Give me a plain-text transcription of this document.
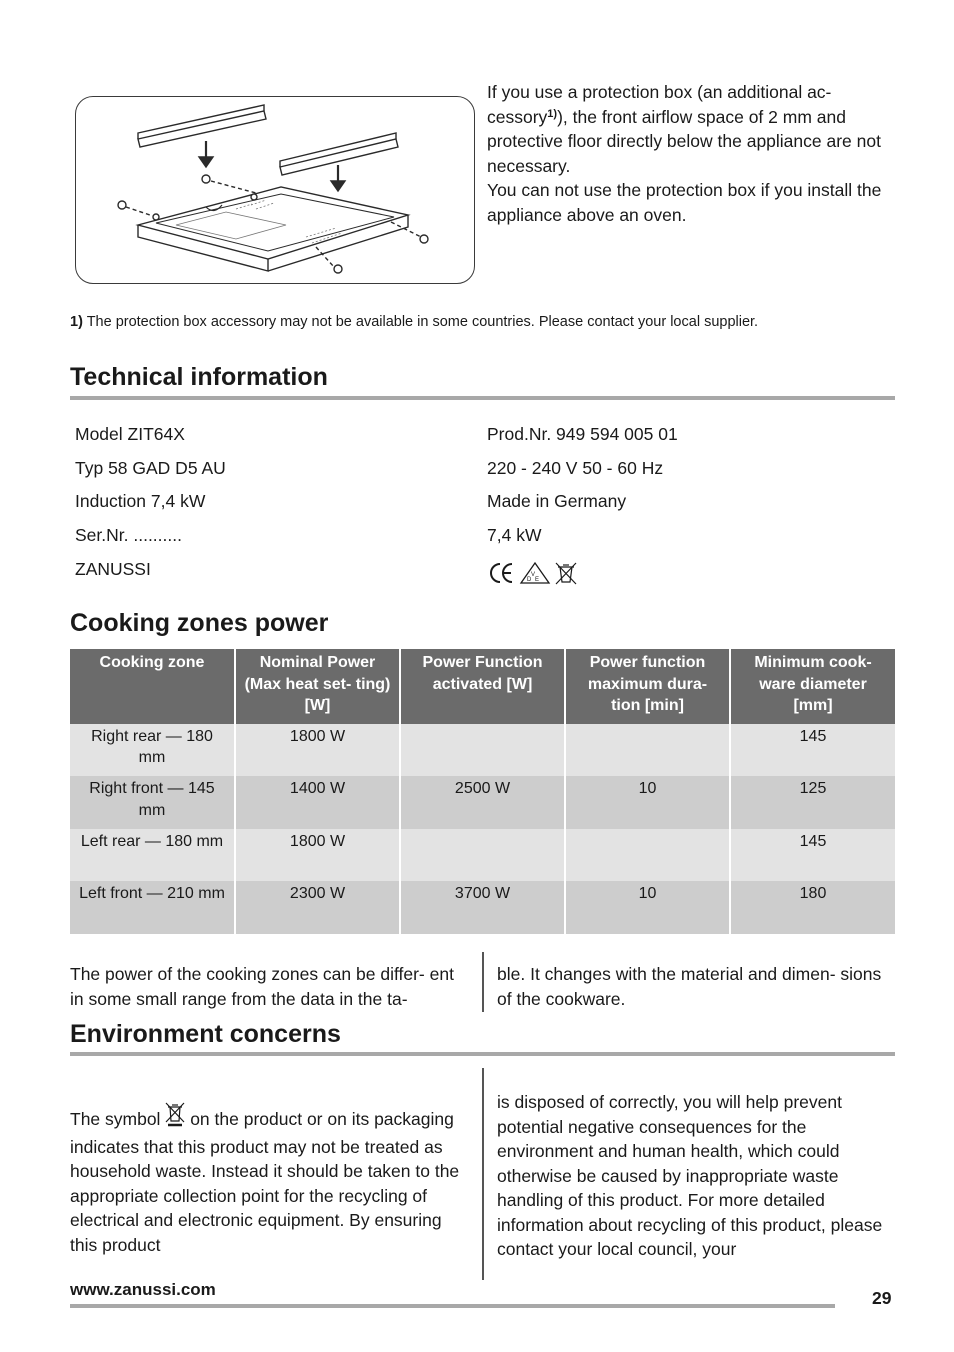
If you use a protection box (an additional ac-
cessory$^{1)}$), the front airflow space of 2 mm and protective floor directly below the appliance are not necessary.
You can not use the protection box if you install the appliance above an oven.
1) The protection box accessory may not be available in some countries. Please contact your local supplier.
Technical information
Model ZIT64X
Typ 58 GAD D5 AU
Induction 7,4 kW
Ser.Nr. ..........
ZANUSSI
Prod.Nr. 949 594 005 01
220 - 240 V 50 - 60 Hz
Made in Germany
7,4 kW
V
D E
Cooking zones power
Cooking zone	Nominal Power (Max heat set- ting) [W]	Power Function activated [W]	Power function maximum dura- tion [min]	Minimum cook- ware diameter [mm]
Right rear — 180 mm	1800 W			145
Right front — 145 mm	1400 W	2500 W	10	125
Left rear — 180 mm	1800 W			145
Left front — 210 mm	2300 W	3700 W	10	180
The power of the cooking zones can be differ- ent in some small range from the data in the ta-
ble. It changes with the material and dimen- sions of the cookware.
Environment concerns
The symbol on the product or on its packaging indicates that this product may not be treated as household waste. Instead it should be taken to the appropriate collection point for the recycling of electrical and electronic equipment. By ensuring this product
is disposed of correctly, you will help prevent potential negative consequences for the environment and human health, which could otherwise be caused by inappropriate waste handling of this product. For more detailed information about recycling of this product, please contact your local council, your
www.zanussi.com	29
